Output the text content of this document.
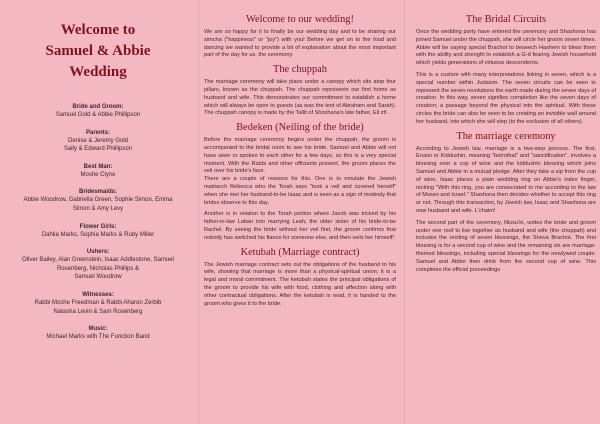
Welcome to
Samuel & Abbie
Wedding
Bride and Groom:
Samuel Gold & Abbie Phillipson
Parents:
Denise & Jeremy Gold
Sally & Edward Phillipson
Best Man:
Moshe Clyne
Bridesmaids:
Abbie Woodrow, Gabriella Green, Sophie Simon, Emma
Simon & Amy Levy
Flower Girls:
Dahlia Marks, Sophia Marks & Ruby Miller
Ushers:
Oliver Bailey, Alan Greenstein, Isaac Addlestone, Samuel
Rosenberg, Nicholas Phillips &
Samuel Woodrow
Witnesses:
Rabbi Moshe Freedman & Rabbi Aharon Zerbib
Natasha Levin & Sam Rosenberg
Music:
Michael Marks with The Function Band
Welcome to our wedding!

We are so happy for it to finally be our wedding day and to be sharing our simcha ("happiness" or "joy") with you! Before we get on to the food and dancing we wanted to provide a bit of explanation about the most important part of the day for us, the ceremony.

The chuppah

The marriage ceremony will take place under a canopy which sits atop four pillars, known as the chuppah. The chuppah represents our first home as husband and wife. This demonstrates our commitment to establish a home which will always be open to guests (as was the tent of Abraham and Sarah). The chuppah canopy is made by the Tallit of Shoshana's late father, Eli zt!.

Bedeken (Neiling of the bride)

Before the marriage ceremony begins under the chuppah, the groom is accompanied to the bridal room to see his bride. Samuel and Abbie will not have seen or spoken to each other for a few days, so this is a very special moment. With the Rabbi and other officiants present, the groom places the veil over his bride's face.

There are a couple of reasons for this. One is to emulate the Jewish matriarch Rebecca who the Torah says "took a veil and covered herself" when she met her husband-to-be Isaac and is seen as a sign of modesty that brides observe to this day.

Another is in relation to the Torah portion where Jacob was tricked by his father-in-law Laban into marrying Leah, the older sister of his bride-to-be Rachel. By seeing the bride without her veil first, the groom confirms that nobody has switched his fiance for someone else, and then veils her himself!

Ketubah (Marriage contract)

The Jewish marriage contract sets out the obligations of the husband to his wife, showing that marriage is more than a physical-spiritual union; it is a legal and moral commitment. The ketubah states the principal obligations of the groom to provide his wife with food, clothing and affection along with other contractual obligations. After the ketubah is read, it is handed to the groom who gives it to the bride.

The Bridal Circuits

Once the wedding party have entered the ceremony and Shashona has joined Samuel under the chuppah, she will circle her groom seven times. Abbie will be saying special Brachot to beseech Hashem to bless them with the ability and strength to establish a G-d fearing Jewish household which yields generations of virtuous descendents.

This is a custom with many interpretations linking in seven, which is a special number within Judaism. The seven circuits can be seen to represent the seven revolutions the earth made during the seven days of creation. In this way, seven signifies completion like the seven days of creation; a passage beyond the physical into the spiritual. With these circles the bride can also be seen to be creating an invisible wall around her husband, into which she will step (to the exclusion of all others).

The marriage ceremony

According to Jewish law, marriage is a two-step process. The first, Erusin or Kiddushin, meaning "betrothal" and "sanctification", involves a blessing over a cup of wine and the kiddushin blessing which joins Samuel and Abbie in a mutual pledge. After they take a sip from the cup of wine, Isaac places a plain wedding ring on Abbie's index finger, reciting "With this ring, you are consecrated to me according to the law of Moses and Israel." Shashona then decides whether to accept this ring or not. Through this transaction, by Jewish law, Isaac and Shashona are now husband and wife. L'chaim!

The second part of the ceremony, Nissu'in, unites the bride and groom under one roof to live together as husband and wife (the chuppah) and includes the reciting of seven blessings, the Sheva Brachot. The first blessing is for a second cup of wine and the remaining six are marriage-themed blessings, including special blessings for the newlywed couple. Samuel and Abbie then drink from the second cup of wine. This completes the official proceedings
